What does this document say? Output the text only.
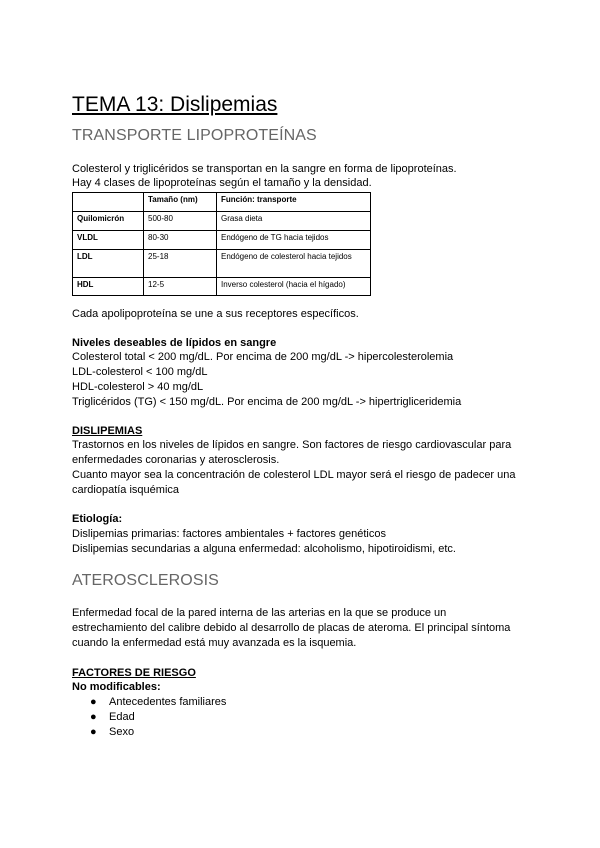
TEMA 13: Dislipemias
TRANSPORTE LIPOPROTEÍNAS
Colesterol y triglicéridos se transportan en la sangre en forma de lipoproteínas.
Hay 4 clases de lipoproteínas según el tamaño y la densidad.
	Tamaño (nm)	Función: transporte
Quilomicrón	500-80	Grasa dieta
VLDL	80-30	Endógeno de TG hacia tejidos
LDL	25-18	Endógeno de colesterol hacia tejidos
HDL	12-5	Inverso colesterol (hacia el hígado)
Cada apolipoproteína se une a sus receptores específicos.
Niveles deseables de lípidos en sangre
Colesterol total < 200 mg/dL. Por encima de 200 mg/dL -> hipercolesterolemia
LDL-colesterol < 100 mg/dL
HDL-colesterol > 40 mg/dL
Triglicéridos (TG) < 150 mg/dL. Por encima de 200 mg/dL -> hipertrigliceridemia
DISLIPEMIAS
Trastornos en los niveles de lípidos en sangre. Son factores de riesgo cardiovascular para
enfermedades coronarias y aterosclerosis.
Cuanto mayor sea la concentración de colesterol LDL mayor será el riesgo de padecer una
cardiopatía isquémica
Etiología:
Dislipemias primarias: factores ambientales + factores genéticos
Dislipemias secundarias a alguna enfermedad: alcoholismo, hipotiroidismi, etc.
ATEROSCLEROSIS
Enfermedad focal de la pared interna de las arterias en la que se produce un
estrechamiento del calibre debido al desarrollo de placas de ateroma. El principal síntoma
cuando la enfermedad está muy avanzada es la isquemia.
FACTORES DE RIESGO
No modificables:
● Antecedentes familiares
● Edad
● Sexo
